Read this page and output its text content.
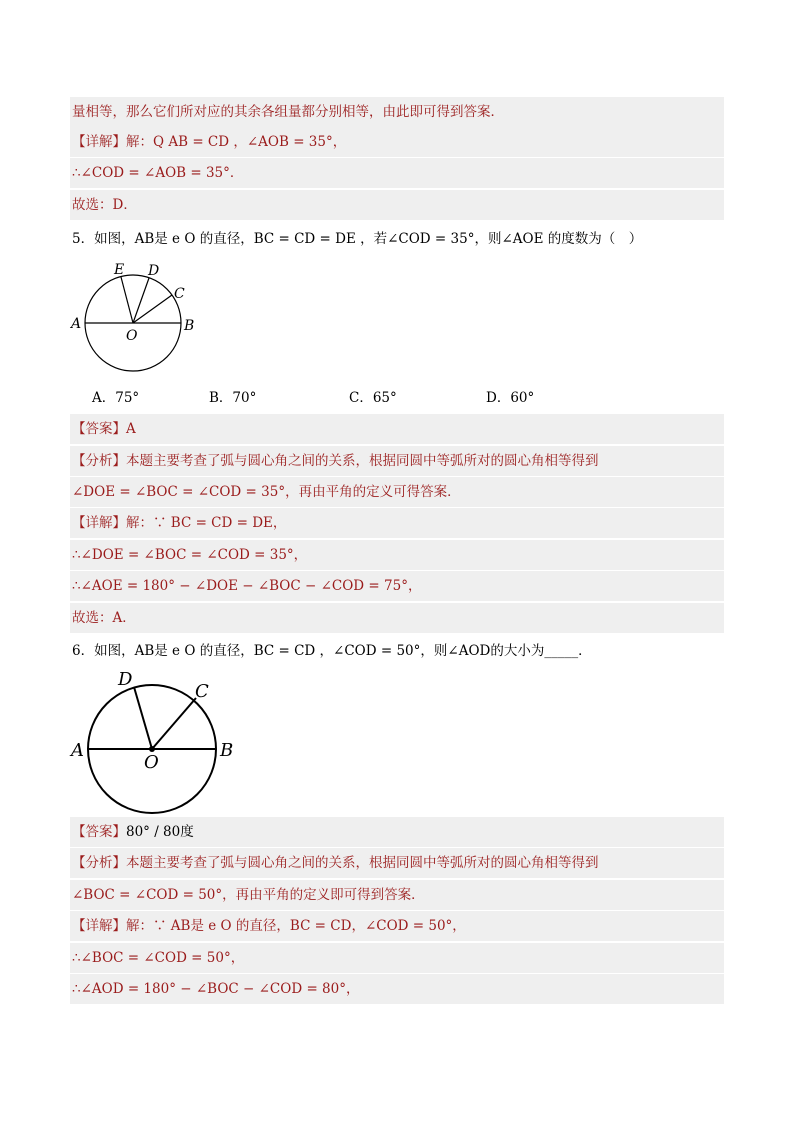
量相等，那么它们所对应的其余各组量都分别相等，由此即可得到答案．
【详解】解：Q AB = CD ，∠AOB = 35°，
∴∠COD = ∠AOB = 35°．
故选：D．
5．如图，AB是 e O 的直径，BC = CD = DE ，若∠COD = 35°，则∠AOE 的度数为（　）
A	B
C
D
E
O
A．75°	B．70°	C．65°	D．60°
【答案】A
【分析】本题主要考查了弧与圆心角之间的关系，根据同圆中等弧所对的圆心角相等得到
∠DOE = ∠BOC = ∠COD = 35°，再由平角的定义可得答案．
【详解】解：∵ BC = CD = DE，
∴∠DOE = ∠BOC = ∠COD = 35°，
∴∠AOE = 180° − ∠DOE − ∠BOC − ∠COD = 75°，
故选：A．
6．如图，AB是 e O 的直径，BC = CD ，∠COD = 50°，则∠AOD的大小为_____．
A	B
C
D
O
【答案】80° / 80度
【分析】本题主要考查了弧与圆心角之间的关系，根据同圆中等弧所对的圆心角相等得到
∠BOC = ∠COD = 50°，再由平角的定义即可得到答案．
【详解】解：∵ AB是 e O 的直径，BC = CD，∠COD = 50°，
∴∠BOC = ∠COD = 50°，
∴∠AOD = 180° − ∠BOC − ∠COD = 80°，
